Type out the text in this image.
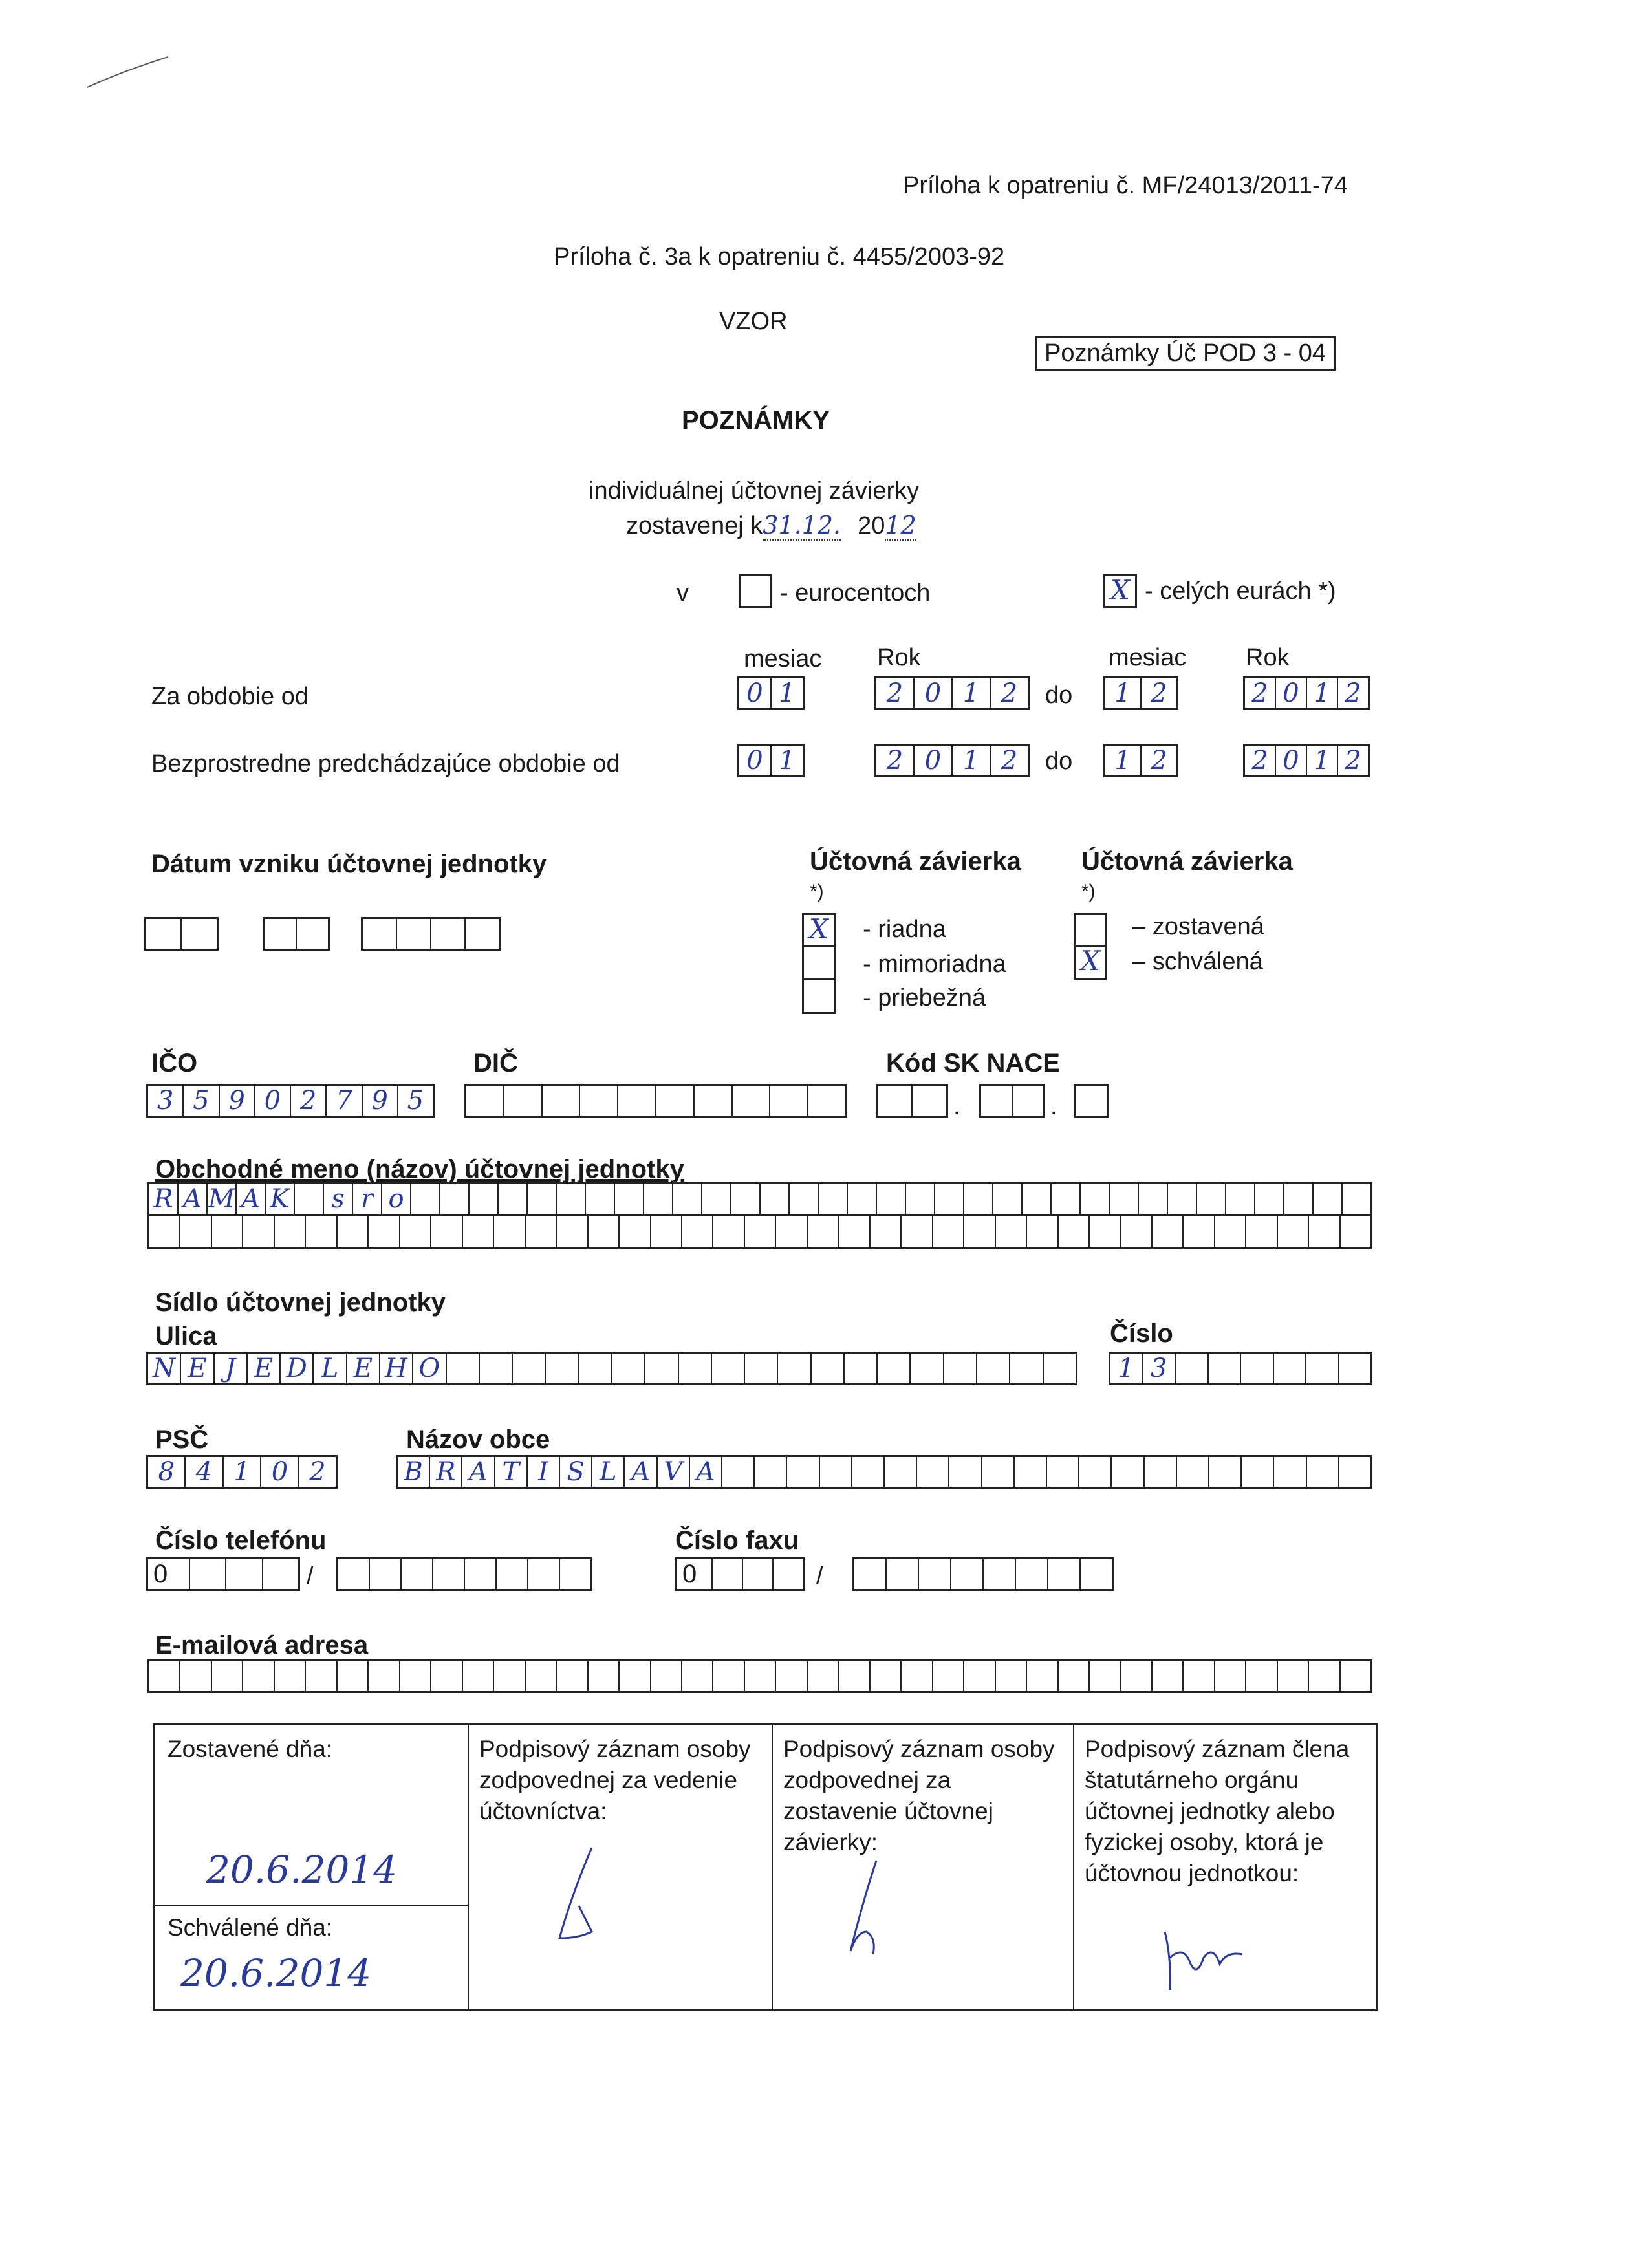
Príloha k opatreniu č. MF/24013/2011-74
Príloha č. 3a k opatreniu č. 4455/2003-92
VZOR
Poznámky Úč POD 3 - 04
POZNÁMKY
individuálnej účtovnej závierky
zostavenej k31.12. 2012
v	- eurocentoch	X - celých eurách *)
mesiac Rok	mesiac Rok
Za obdobie od	0 1	2 0 1 2	do	1 2	2 0 1 2
Bezprostredne predchádzajúce obdobie od	0 1	2 0 1 2	do	1 2	2 0 1 2
Dátum vzniku účtovnej jednotky	Účtovná závierka
*)
X - riadna
- mimoriadna
- priebežná
Účtovná závierka
*)
X
– zostavená
– schválená
IČO
3 5 9 0 2 7 9 5
DIČ	Kód SK NACE
.	.
Obchodné meno (názov) účtovnej jednotky
R A M A K s r o
Sídlo účtovnej jednotky
Ulica
N E J E D L E H O
Číslo
1 3
PSČ
8 4 1 0 2
Názov obce
B R A T I S L A V A
Číslo telefónu
0	/
Číslo faxu
0	/
E-mailová adresa
Zostavené dňa:
20.6.2014
Schválené dňa:
20.6.2014
Podpisový záznam osoby zodpovednej za vedenie účtovníctva:
Podpisový záznam osoby zodpovednej za zostavenie účtovnej závierky:
Podpisový záznam člena štatutárneho orgánu účtovnej jednotky alebo fyzickej osoby, ktorá je účtovnou jednotkou:
